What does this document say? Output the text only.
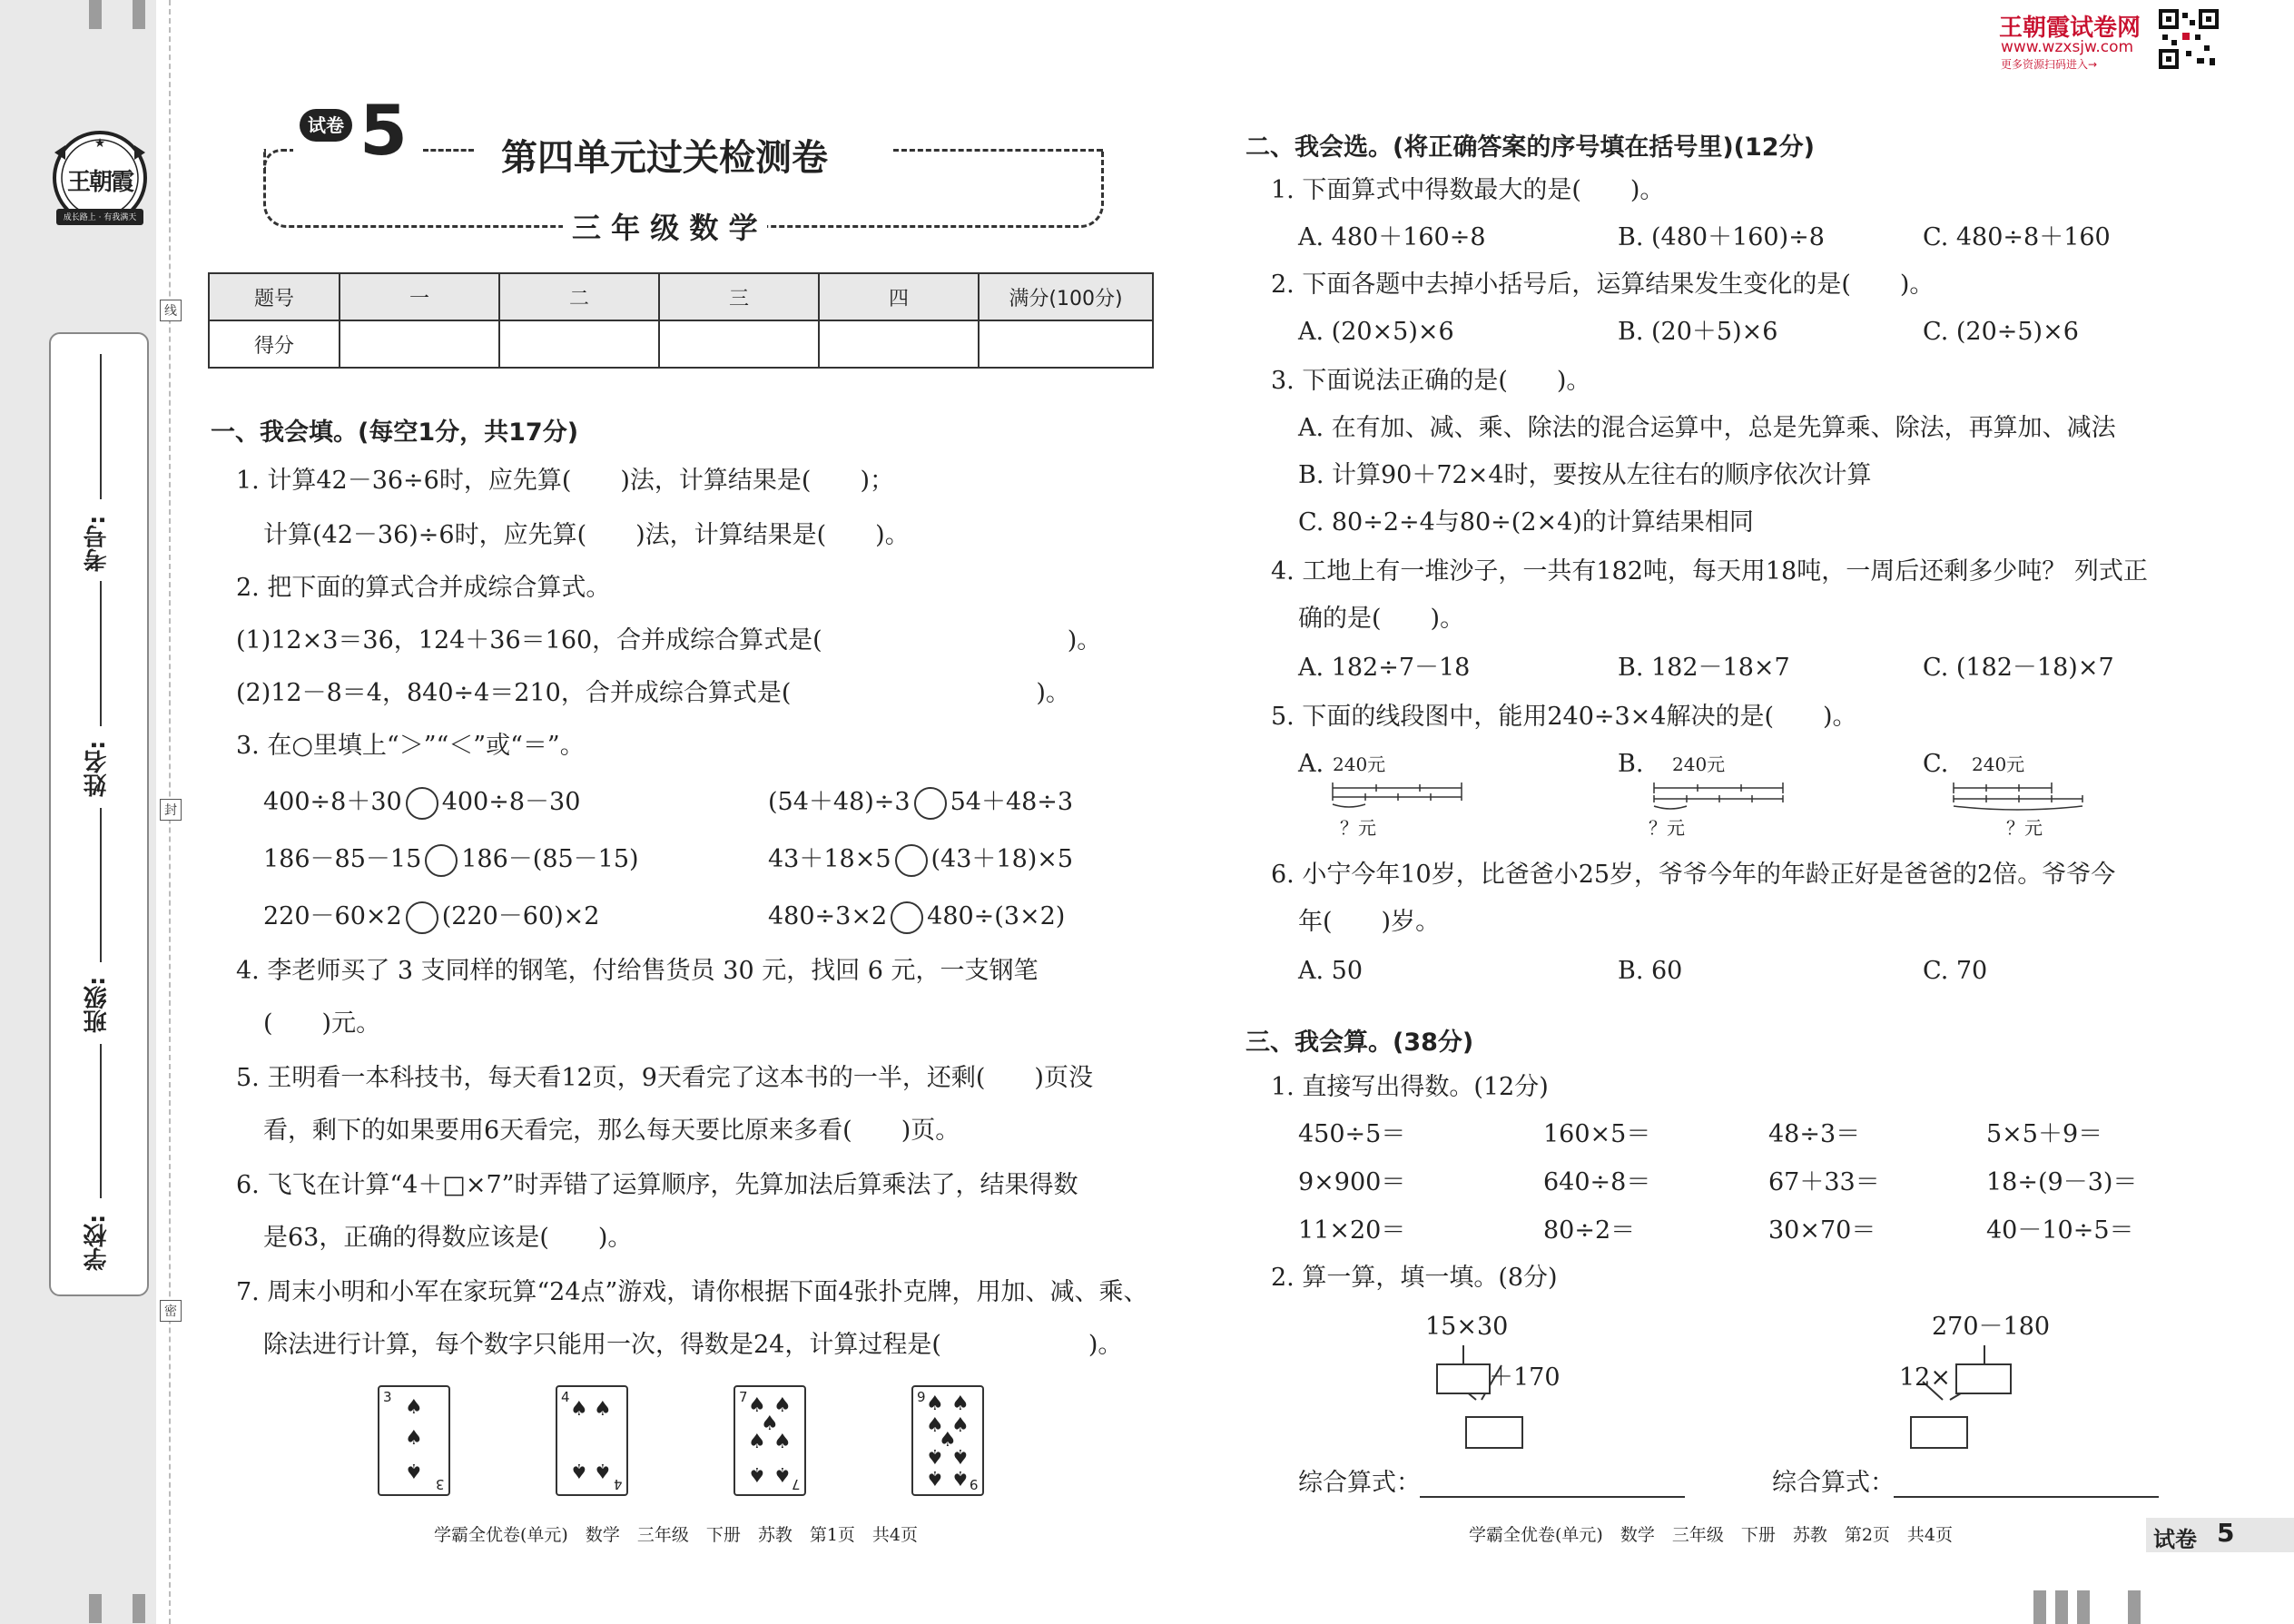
★
王朝霞
成长路上 · 有我满天
考号:
姓名:
班级:
学校:
线
封
密
王朝霞试卷网
www.wzxsjw.com
更多资源扫码进入→
试卷 5	第四单元过关检测卷
三 年 级 数 学
题号	一	二	三	四	满分(100分)
得分					
一、我会填。(每空1分，共17分)
1. 计算42－36÷6时，应先算(　　)法，计算结果是(　　)；
计算(42－36)÷6时，应先算(　　)法，计算结果是(　　)。
2. 把下面的算式合并成综合算式。
(1)12×3＝36，124＋36＝160，合并成综合算式是(　　　　　　　　　　)。
(2)12－8＝4，840÷4＝210，合并成综合算式是(　　　　　　　　　　)。
3. 在○里填上“＞”“＜”或“＝”。
400÷8＋30 400÷8－30	(54＋48)÷3 54＋48÷3
186－85－15 186－(85－15)	43＋18×5 (43＋18)×5
220－60×2 (220－60)×2	480÷3×2 480÷(3×2)
4. 李老师买了 3 支同样的钢笔，付给售货员 30 元，找回 6 元，一支钢笔
(　　)元。
5. 王明看一本科技书，每天看12页，9天看完了这本书的一半，还剩(　　)页没
看，剩下的如果要用6天看完，那么每天要比原来多看(　　)页。
6. 飞飞在计算“4＋□×7”时弄错了运算顺序，先算加法后算乘法了，结果得数
是63，正确的得数应该是(　　)。
7. 周末小明和小军在家玩算“24点”游戏，请你根据下面4张扑克牌，用加、减、乘、
除法进行计算，每个数字只能用一次，得数是24，计算过程是(　　　　　　)。
3
3
♠
♠
♠
4
4
♠ ♠
♠ ♠
7
7
♠ ♠
♠
♠ ♠
♠ ♠
9
9
♠ ♠
♠ ♠
♠
♠ ♠
♠ ♠
学霸全优卷(单元)　数学　三年级　下册　苏教　第1页　共4页
二、我会选。(将正确答案的序号填在括号里)(12分)
1. 下面算式中得数最大的是(　　)。
A. 480＋160÷8	B. (480＋160)÷8	C. 480÷8＋160
2. 下面各题中去掉小括号后，运算结果发生变化的是(　　)。
A. (20×5)×6	B. (20＋5)×6	C. (20÷5)×6
3. 下面说法正确的是(　　)。
A. 在有加、减、乘、除法的混合运算中，总是先算乘、除法，再算加、减法
B. 计算90＋72×4时，要按从左往右的顺序依次计算
C. 80÷2÷4与80÷(2×4)的计算结果相同
4. 工地上有一堆沙子，一共有182吨，每天用18吨，一周后还剩多少吨？ 列式正
确的是(　　)。
A. 182÷7－18	B. 182－18×7	C. (182－18)×7
5. 下面的线段图中，能用240÷3×4解决的是(　　)。
A. 240元
？元
B. 240元
？元
C. 240元
？元
6. 小宁今年10岁，比爸爸小25岁，爷爷今年的年龄正好是爸爸的2倍。爷爷今
年(　　)岁。
A. 50	B. 60	C. 70
三、我会算。(38分)
1. 直接写出得数。(12分)
450÷5＝	160×5＝	48÷3＝	5×5＋9＝
9×900＝	640÷8＝	67＋33＝	18÷(9－3)＝
11×20＝	80÷2＝	30×70＝	40－10÷5＝
2. 算一算，填一填。(8分)
15×30
＋170
270－180
12×
综合算式：	综合算式：
学霸全优卷(单元)　数学　三年级　下册　苏教　第2页　共4页	试卷 5
